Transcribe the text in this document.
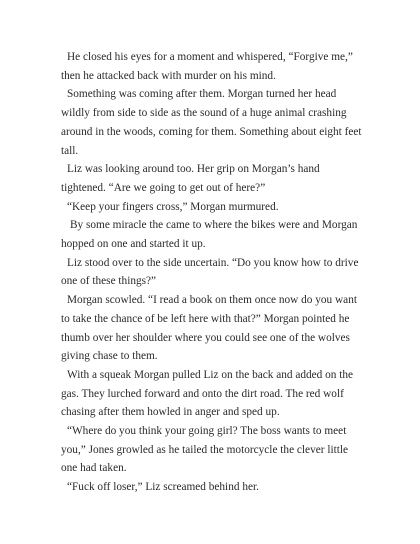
He closed his eyes for a moment and whispered, “Forgive me,” then he attacked back with murder on his mind.

Something was coming after them. Morgan turned her head wildly from side to side as the sound of a huge animal crashing around in the woods, coming for them. Something about eight feet tall.

Liz was looking around too. Her grip on Morgan’s hand tightened. “Are we going to get out of here?”

“Keep your fingers cross,” Morgan murmured.

By some miracle the came to where the bikes were and Morgan hopped on one and started it up.

Liz stood over to the side uncertain. “Do you know how to drive one of these things?”

Morgan scowled. “I read a book on them once now do you want to take the chance of be left here with that?” Morgan pointed he thumb over her shoulder where you could see one of the wolves giving chase to them.

With a squeak Morgan pulled Liz on the back and added on the gas. They lurched forward and onto the dirt road. The red wolf chasing after them howled in anger and sped up.

“Where do you think your going girl? The boss wants to meet you,” Jones growled as he tailed the motorcycle the clever little one had taken.

“Fuck off loser,” Liz screamed behind her.
